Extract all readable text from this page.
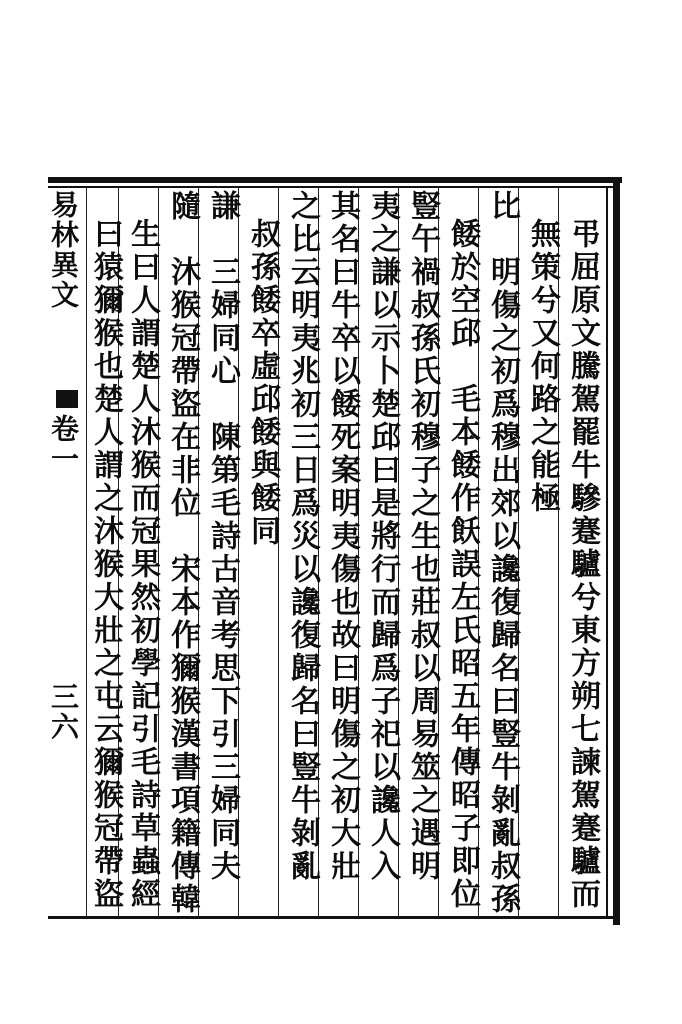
弔屈原文騰駕罷牛驂蹇驢兮東方朔七諫駕蹇驢而
無策兮又何路之能極
比　明傷之初爲穆出郊以讒復歸名曰豎牛剝亂叔孫
餧於空邱　毛本餧作飫誤左氏昭五年傳昭子即位
豎午禍叔孫氏初穆子之生也莊叔以周易筮之遇明
夷之謙以示卜楚邱曰是將行而歸爲子祀以讒人入
其名曰牛卒以餧死案明夷傷也故曰明傷之初大壯
之比云明夷兆初三日爲災以讒復歸名曰豎牛剝亂
叔孫餧卒虛邱餧與餧同
謙　三婦同心　陳第毛詩古音考思下引三婦同夫
隨　沐猴冠帶盜在非位　宋本作獮猴漢書項籍傳韓
生曰人謂楚人沐猴而冠果然初學記引毛詩草蟲經
曰猿獮猴也楚人謂之沐猴大壯之屯云獮猴冠帶盜
易林異文
卷一
三六
